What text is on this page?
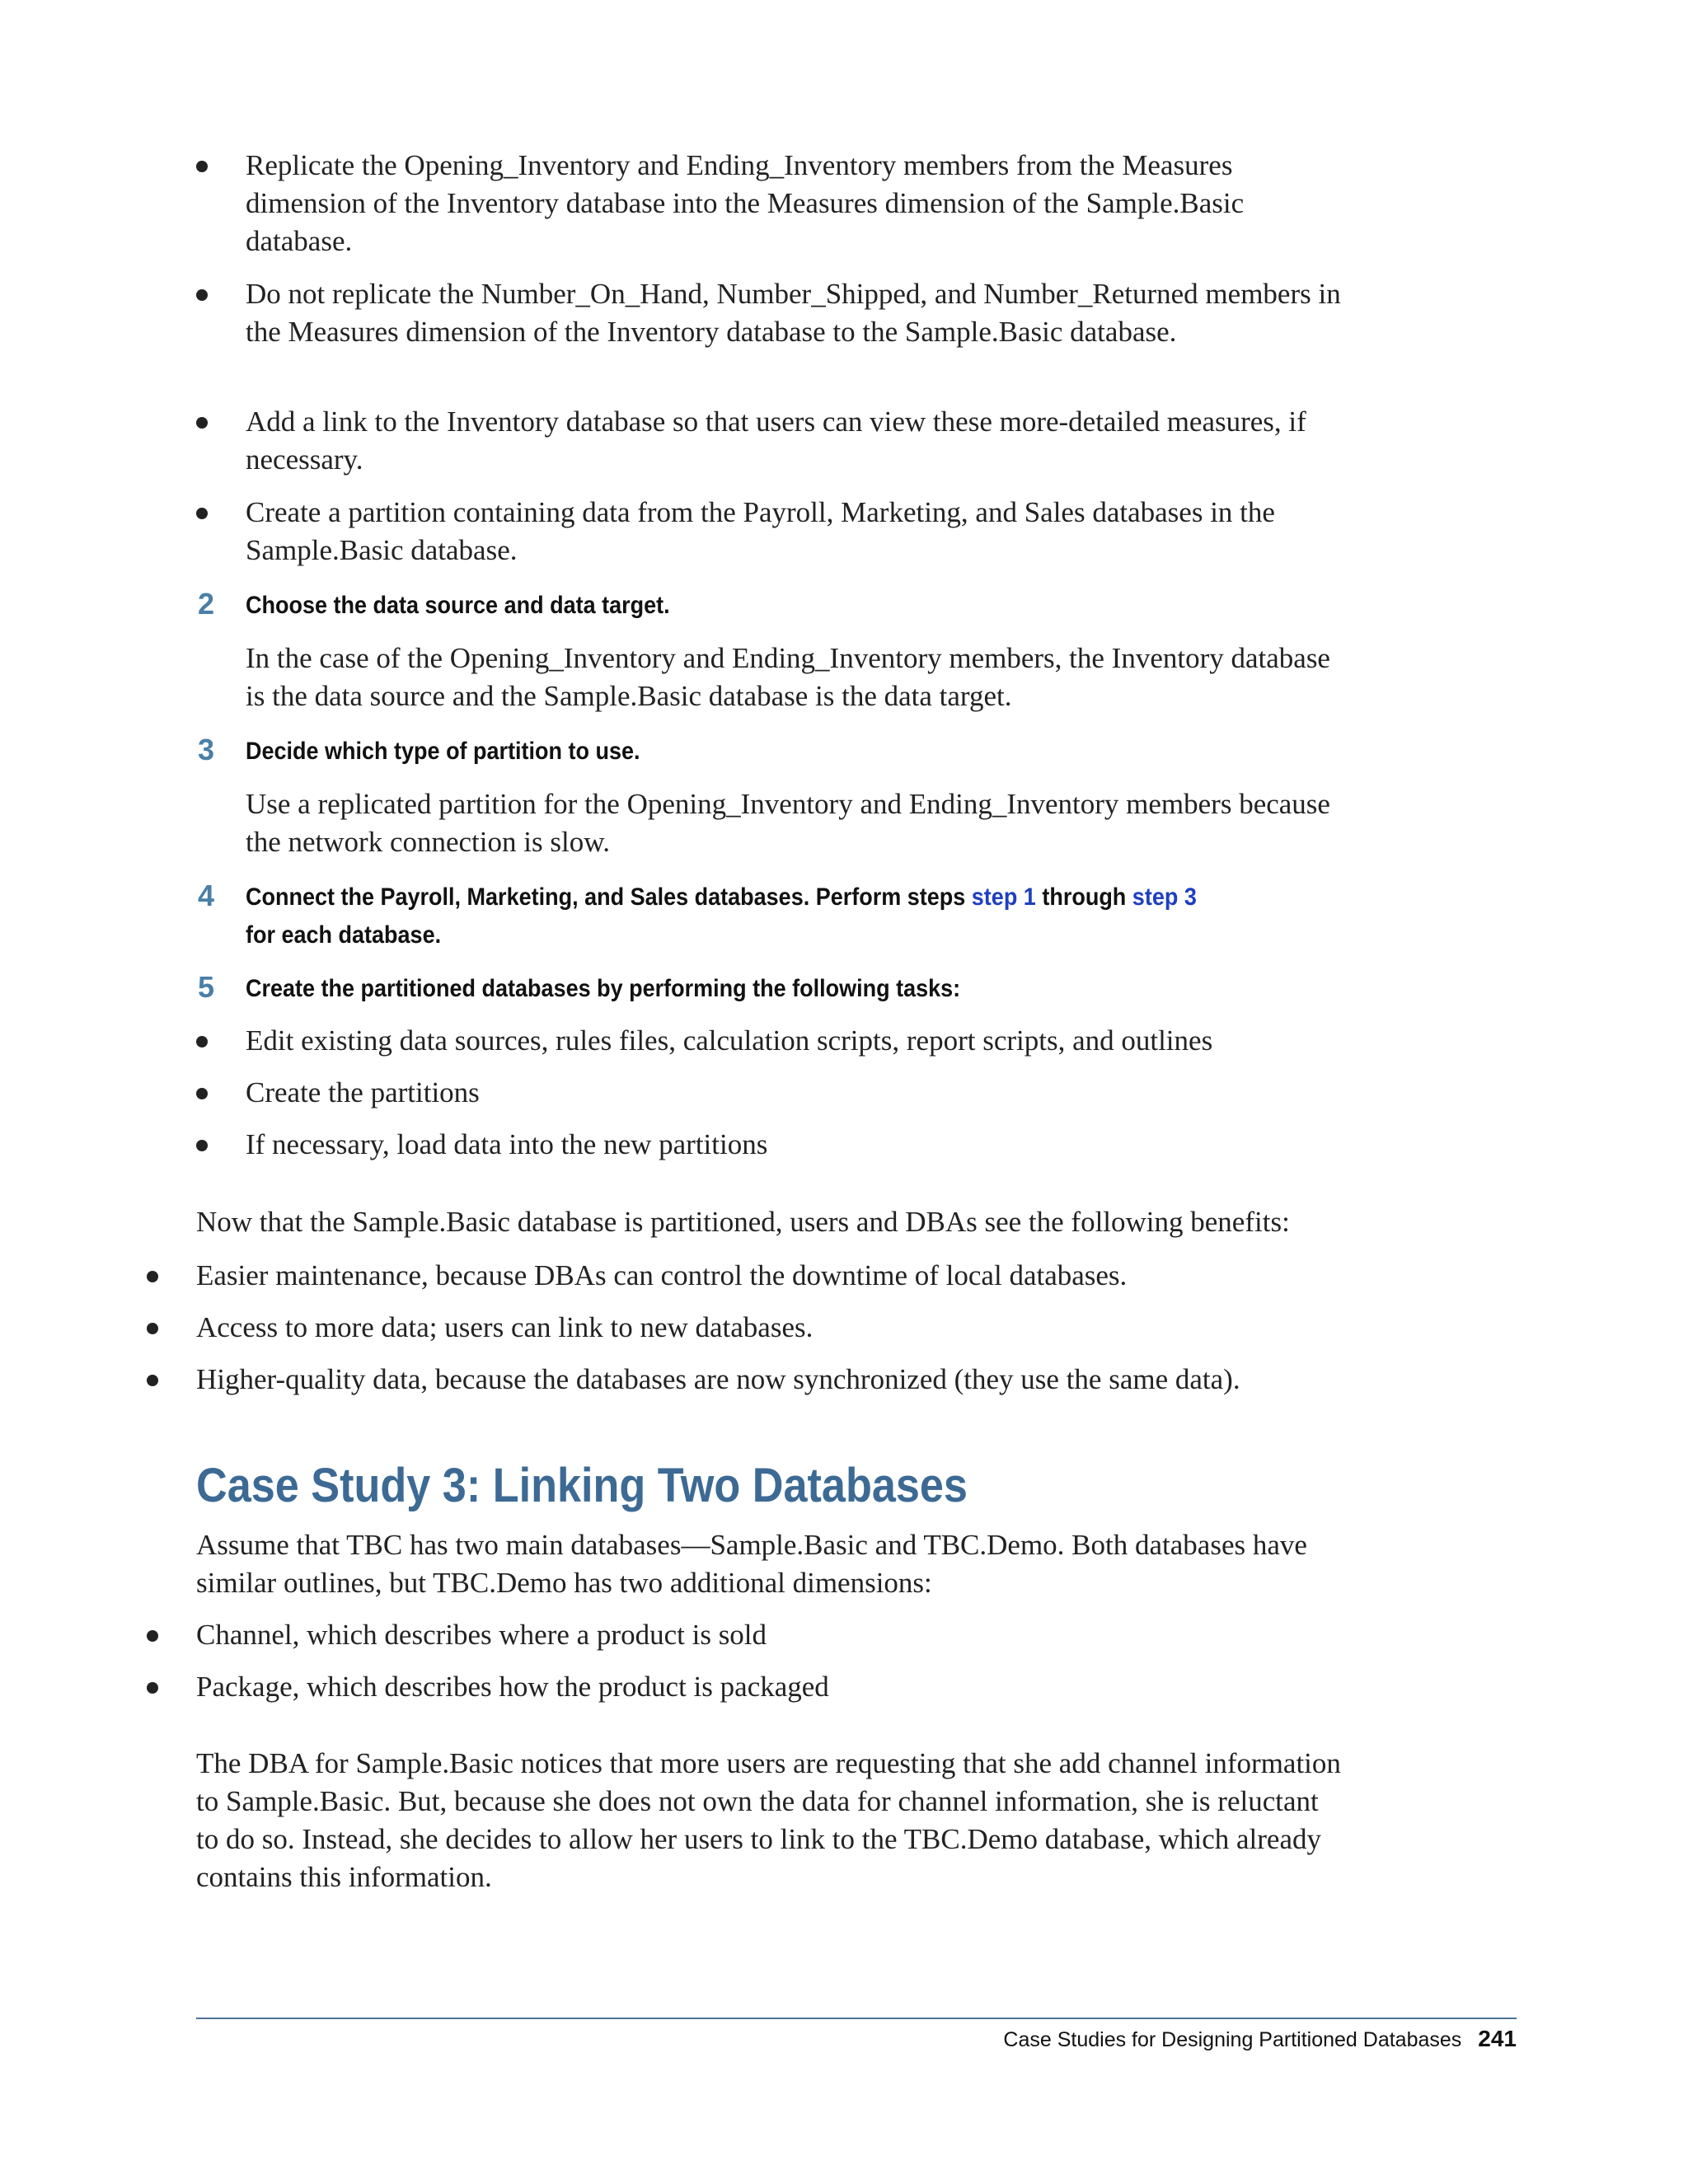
Replicate the Opening_Inventory and Ending_Inventory members from the Measures dimension of the Inventory database into the Measures dimension of the Sample.Basic database.
Do not replicate the Number_On_Hand, Number_Shipped, and Number_Returned members in the Measures dimension of the Inventory database to the Sample.Basic database.
Add a link to the Inventory database so that users can view these more-detailed measures, if necessary.
Create a partition containing data from the Payroll, Marketing, and Sales databases in the Sample.Basic database.
2 Choose the data source and data target.
In the case of the Opening_Inventory and Ending_Inventory members, the Inventory database is the data source and the Sample.Basic database is the data target.
3 Decide which type of partition to use.
Use a replicated partition for the Opening_Inventory and Ending_Inventory members because the network connection is slow.
4 Connect the Payroll, Marketing, and Sales databases. Perform steps step 1 through step 3 for each database.
5 Create the partitioned databases by performing the following tasks:
Edit existing data sources, rules files, calculation scripts, report scripts, and outlines
Create the partitions
If necessary, load data into the new partitions
Now that the Sample.Basic database is partitioned, users and DBAs see the following benefits:
Easier maintenance, because DBAs can control the downtime of local databases.
Access to more data; users can link to new databases.
Higher-quality data, because the databases are now synchronized (they use the same data).
Case Study 3: Linking Two Databases
Assume that TBC has two main databases—Sample.Basic and TBC.Demo. Both databases have similar outlines, but TBC.Demo has two additional dimensions:
Channel, which describes where a product is sold
Package, which describes how the product is packaged
The DBA for Sample.Basic notices that more users are requesting that she add channel information to Sample.Basic. But, because she does not own the data for channel information, she is reluctant to do so. Instead, she decides to allow her users to link to the TBC.Demo database, which already contains this information.
Case Studies for Designing Partitioned Databases 241
